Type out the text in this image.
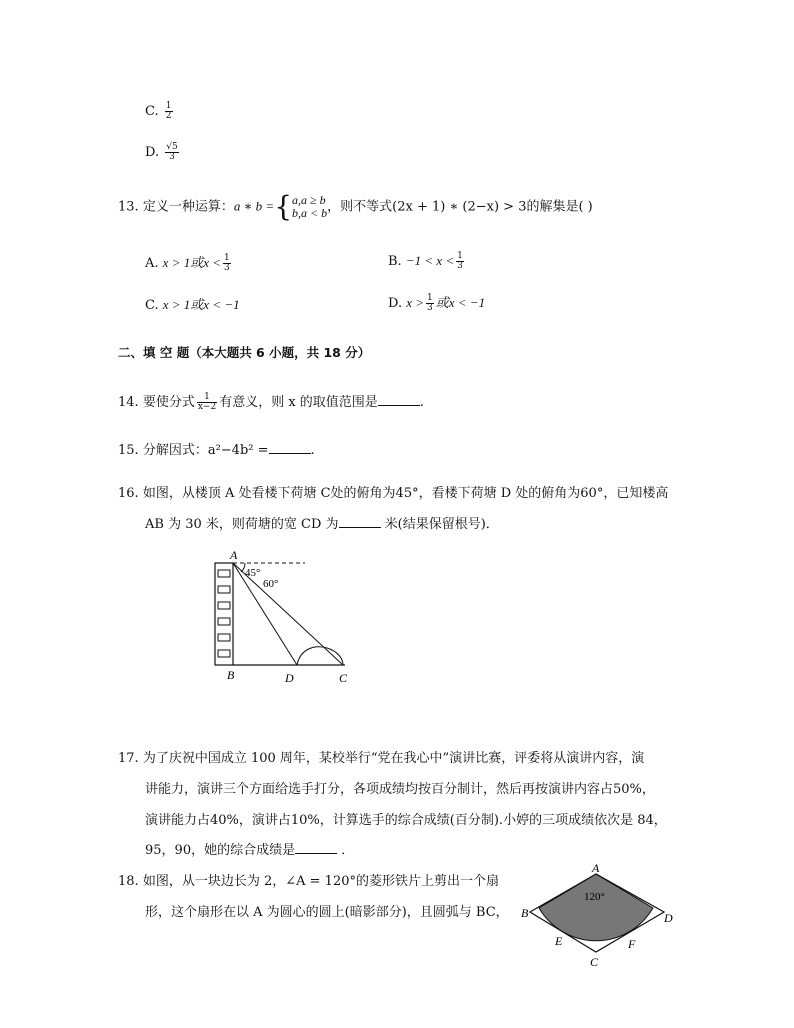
C. $\frac{1}{2}$
D. $\frac{√5}{3}$
13. 定义一种运算：a ∗ b ={ a,a ≥ b
b,a < b ，则不等式(2x + 1) ∗ (2−x) > 3的解集是( )
A. x > 1或$x < \frac{1}{3}$	B. $-1 < x < \frac{1}{3}$
C. x > 1或x < −1	D. $x > \frac{1}{3}$ 或x < −1
二、填 空 题（本大题共 6 小题，共 18 分）
14. 要使分式 $\frac{1}{x-2}$ 有意义，则 x 的取值范围是	.
15. 分解因式：a²−4b² =	.
16. 如图，从楼顶 A 处看楼下荷塘 C处的俯角为45°，看楼下荷塘 D 处的俯角为60°，已知楼高
AB 为 30 米，则荷塘的宽 CD 为	米(结果保留根号)．
A
B	D	C
45°
60°
17. 为了庆祝中国成立 100 周年，某校举行“党在我心中”演讲比赛，评委将从演讲内容，演
讲能力，演讲三个方面给选手打分，各项成绩均按百分制计，然后再按演讲内容占50%，
演讲能力占40%，演讲占10%，计算选手的综合成绩(百分制).小婷的三项成绩依次是 84，
95，90，她的综合成绩是	．
18. 如图，从一块边长为 2，∠A = 120°的菱形铁片上剪出一个扇
形，这个扇形在以 A 为圆心的圆上(暗影部分)，且圆弧与 BC，
A
B	D
C
E	F
120°
